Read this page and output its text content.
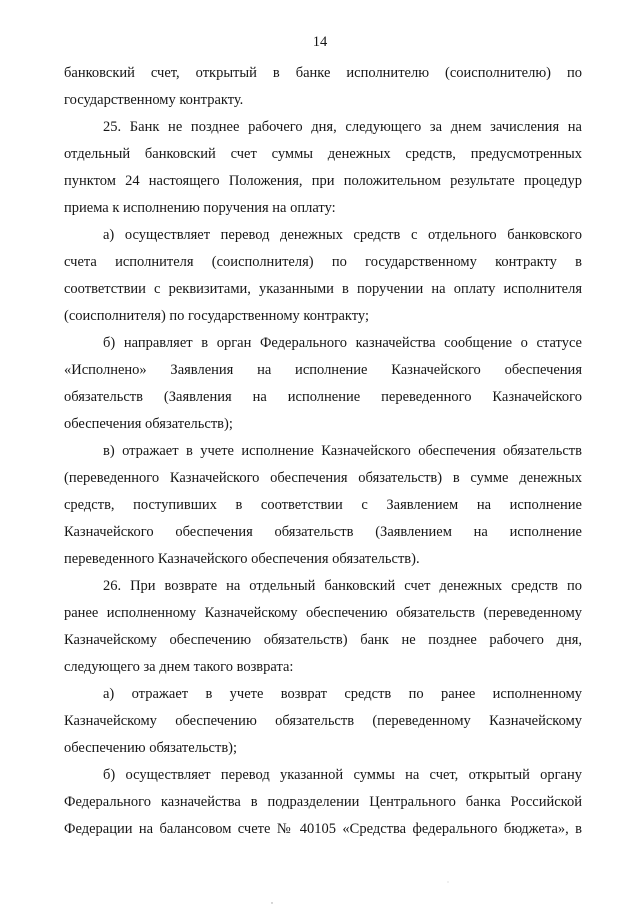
14
банковский счет, открытый в банке исполнителю (соисполнителю) по
государственному контракту.
25. Банк не позднее рабочего дня, следующего за днем зачисления на
отдельный банковский счет суммы денежных средств, предусмотренных
пунктом 24 настоящего Положения, при положительном результате процедур
приема к исполнению поручения на оплату:
а) осуществляет перевод денежных средств с отдельного банковского
счета исполнителя (соисполнителя) по государственному контракту в
соответствии с реквизитами, указанными в поручении на оплату исполнителя
(соисполнителя) по государственному контракту;
б) направляет в орган Федерального казначейства сообщение о статусе
«Исполнено» Заявления на исполнение Казначейского обеспечения
обязательств (Заявления на исполнение переведенного Казначейского
обеспечения обязательств);
в) отражает в учете исполнение Казначейского обеспечения обязательств
(переведенного Казначейского обеспечения обязательств) в сумме денежных
средств, поступивших в соответствии с Заявлением на исполнение
Казначейского обеспечения обязательств (Заявлением на исполнение
переведенного Казначейского обеспечения обязательств).
26. При возврате на отдельный банковский счет денежных средств по
ранее исполненному Казначейскому обеспечению обязательств (переведенному
Казначейскому обеспечению обязательств) банк не позднее рабочего дня,
следующего за днем такого возврата:
а) отражает в учете возврат средств по ранее исполненному
Казначейскому обеспечению обязательств (переведенному Казначейскому
обеспечению обязательств);
б) осуществляет перевод указанной суммы на счет, открытый органу
Федерального казначейства в подразделении Центрального банка Российской
Федерации на балансовом счете № 40105 «Средства федерального бюджета», в
